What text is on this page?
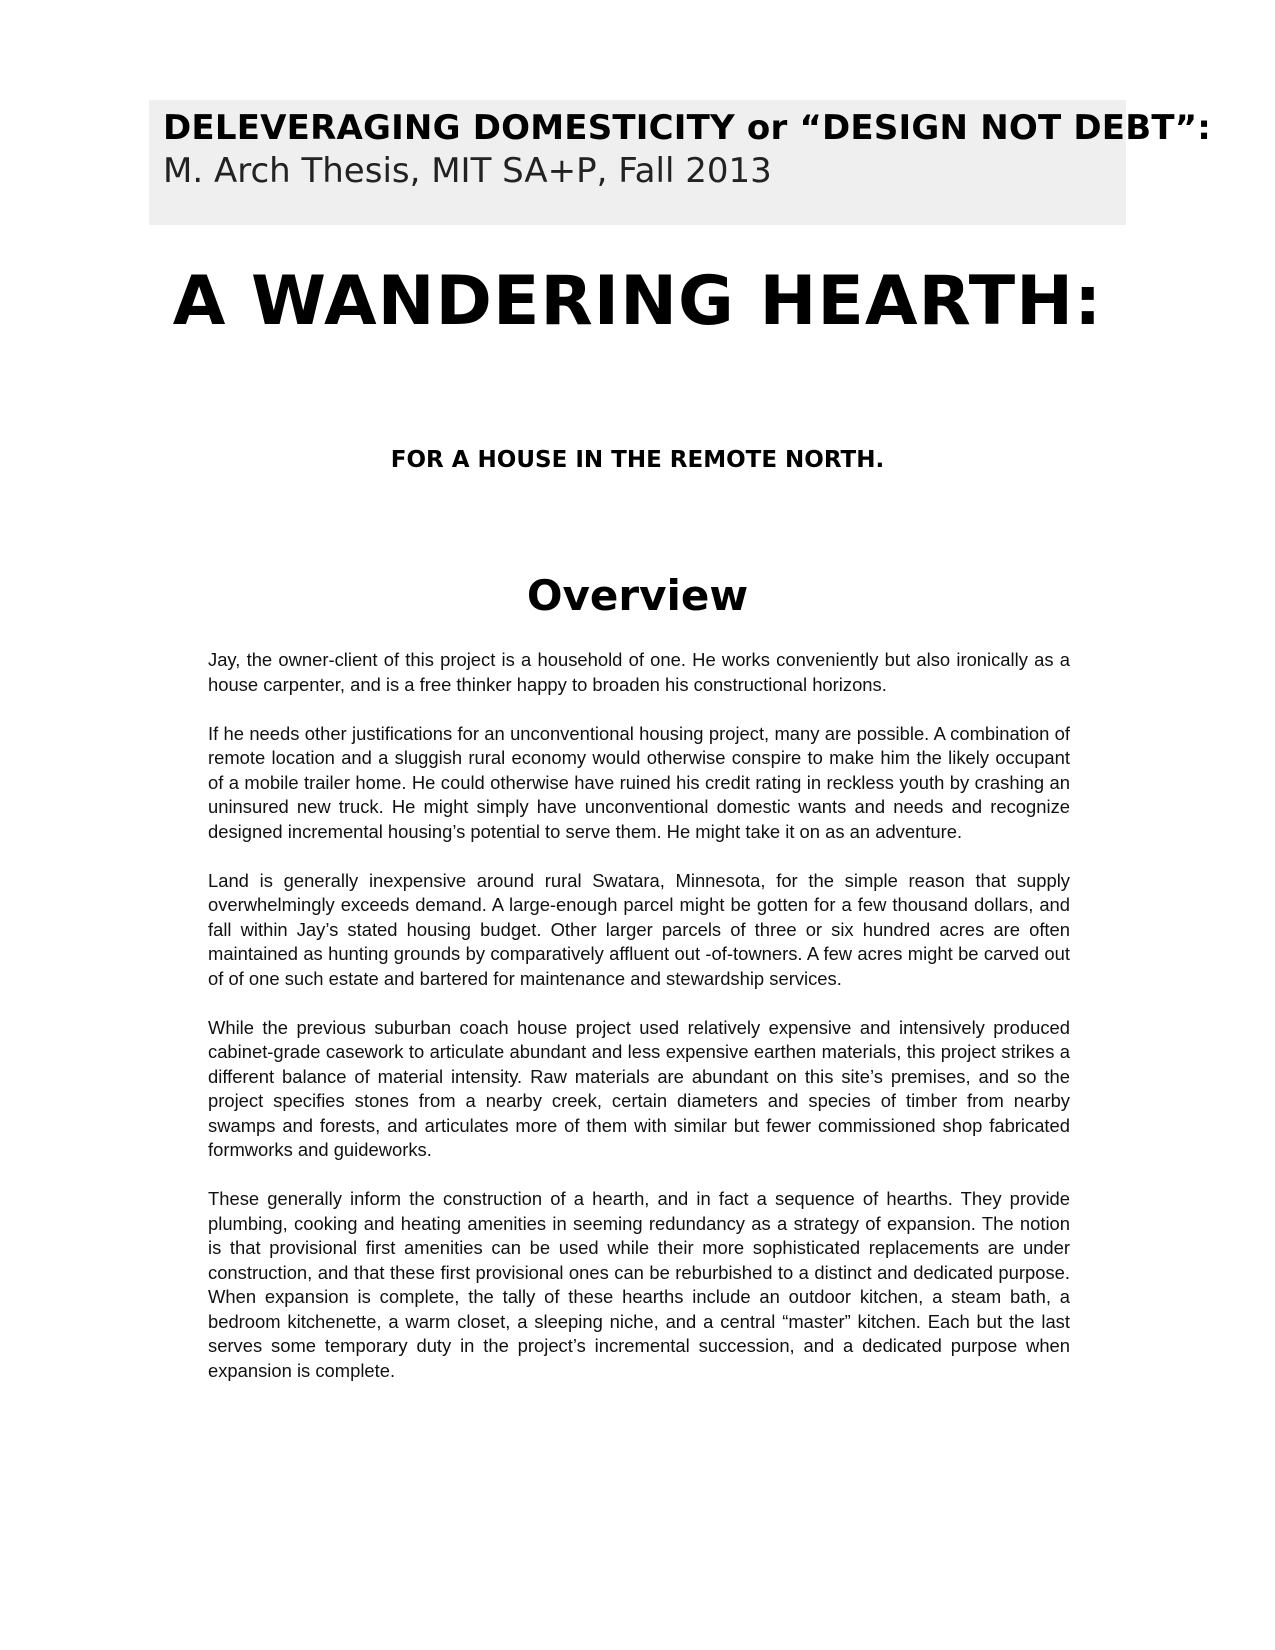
DELEVERAGING DOMESTICITY or “DESIGN NOT DEBT”:
M. Arch Thesis, MIT SA+P, Fall 2013
A WANDERING HEARTH:
FOR A HOUSE IN THE REMOTE NORTH.
Overview

Jay, the owner-client of this project is a household of one. He works conveniently but also ironically as a house carpenter, and is a free thinker happy to broaden his constructional horizons.

If he needs other justifications for an unconventional housing project, many are possible. A combination of remote location and a sluggish rural economy would otherwise conspire to make him the likely occupant of a mobile trailer home. He could otherwise have ruined his credit rating in reckless youth by crashing an uninsured new truck. He might simply have unconventional domestic wants and needs and recognize designed incremental housing’s potential to serve them. He might take it on as an adventure.

Land is generally inexpensive around rural Swatara, Minnesota, for the simple reason that supply overwhelmingly exceeds demand. A large-enough parcel might be gotten for a few thousand dollars, and fall within Jay’s stated housing budget. Other larger parcels of three or six hundred acres are often maintained as hunting grounds by comparatively affluent out -of-towners. A few acres might be carved out of of one such estate and bartered for maintenance and stewardship services.

While the previous suburban coach house project used relatively expensive and intensively produced cabinet-grade casework to articulate abundant and less expensive earthen materials, this project strikes a different balance of material intensity. Raw materials are abundant on this site’s premises, and so the project specifies stones from a nearby creek, certain diameters and species of timber from nearby swamps and forests, and articulates more of them with similar but fewer commissioned shop fabricated formworks and guideworks.

These generally inform the construction of a hearth, and in fact a sequence of hearths. They provide plumbing, cooking and heating amenities in seeming redundancy as a strategy of expansion. The notion is that provisional first amenities can be used while their more sophisticated replacements are under construction, and that these first provisional ones can be reburbished to a distinct and dedicated purpose. When expansion is complete, the tally of these hearths include an outdoor kitchen, a steam bath, a bedroom kitchenette, a warm closet, a sleeping niche, and a central “master” kitchen. Each but the last serves some temporary duty in the project’s incremental succession, and a dedicated purpose when expansion is complete.
